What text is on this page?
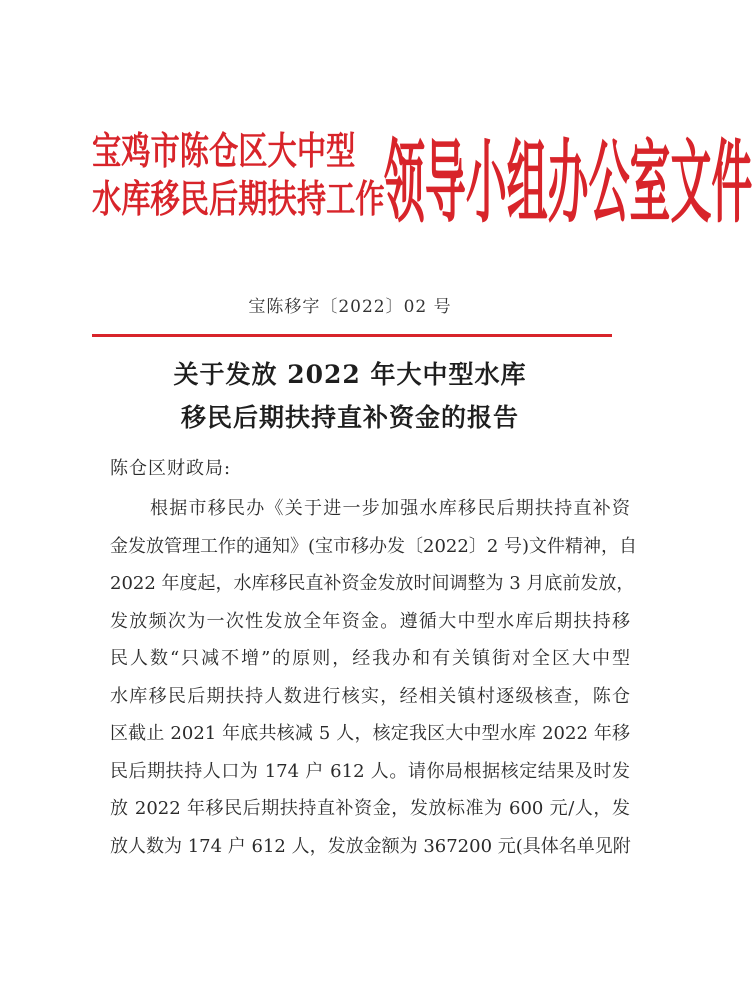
宝鸡市陈仓区大中型
水库移民后期扶持工作 领导小组办公室文件
宝陈移字〔2022〕02 号
关于发放 2022 年大中型水库
移民后期扶持直补资金的报告
陈仓区财政局:
根据市移民办《关于进一步加强水库移民后期扶持直补资
金发放管理工作的通知》(宝市移办发〔2022〕2 号)文件精神，自
2022 年度起，水库移民直补资金发放时间调整为 3 月底前发放，
发放频次为一次性发放全年资金。遵循大中型水库后期扶持移
民人数“只减不增”的原则，经我办和有关镇街对全区大中型
水库移民后期扶持人数进行核实，经相关镇村逐级核查，陈仓
区截止 2021 年底共核减 5 人，核定我区大中型水库 2022 年移
民后期扶持人口为 174 户 612 人。请你局根据核定结果及时发
放 2022 年移民后期扶持直补资金，发放标准为 600 元/人，发
放人数为 174 户 612 人，发放金额为 367200 元(具体名单见附
